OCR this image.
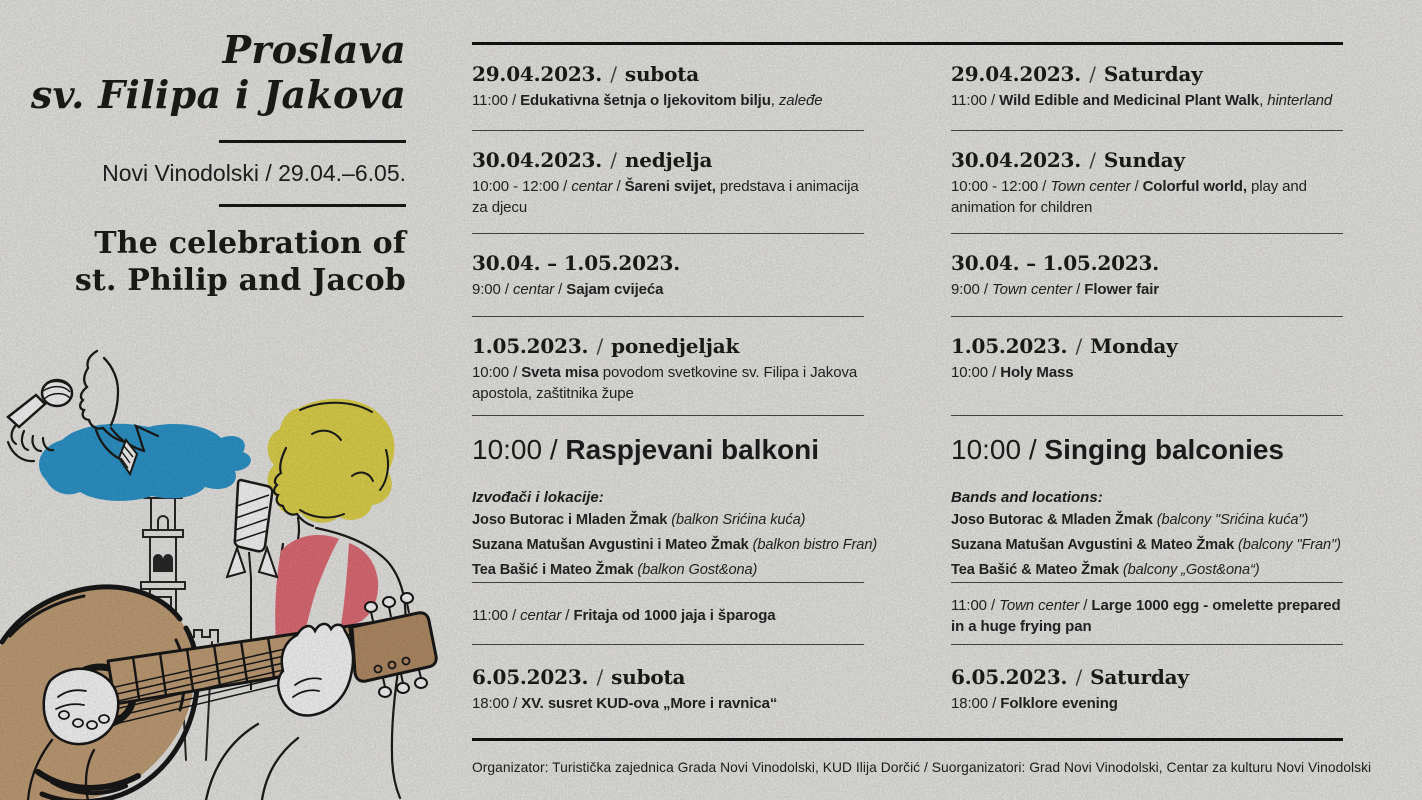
Proslava
sv. Filipa i Jakova
Novi Vinodolski / 29.04.–6.05.
The celebration of
st. Philip and Jacob
29.04.2023. / subota
11:00 / Edukativna šetnja o ljekovitom bilju, zaleđe
30.04.2023. / nedjelja
10:00 - 12:00 / centar / Šareni svijet, predstava i animacija za djecu
30.04. – 1.05.2023.
9:00 / centar / Sajam cvijeća
1.05.2023. / ponedjeljak
10:00 / Sveta misa povodom svetkovine sv. Filipa i Jakova apostola, zaštitnika župe
10:00 / Raspjevani balkoni
Izvođači i lokacije:
Joso Butorac i Mladen Žmak (balkon Srićina kuća)
Suzana Matušan Avgustini i Mateo Žmak (balkon bistro Fran)
Tea Bašić i Mateo Žmak (balkon Gost&ona)
11:00 / centar / Fritaja od 1000 jaja i šparoga
6.05.2023. / subota
18:00 / XV. susret KUD-ova „More i ravnica“
29.04.2023. / Saturday
11:00 / Wild Edible and Medicinal Plant Walk, hinterland
30.04.2023. / Sunday
10:00 - 12:00 / Town center / Colorful world, play and animation for children
30.04. – 1.05.2023.
9:00 / Town center / Flower fair
1.05.2023. / Monday
10:00 / Holy Mass
10:00 / Singing balconies
Bands and locations:
Joso Butorac & Mladen Žmak (balcony "Srićina kuća")
Suzana Matušan Avgustini & Mateo Žmak (balcony "Fran")
Tea Bašić & Mateo Žmak (balcony „Gost&ona“)
11:00 / Town center / Large 1000 egg - omelette prepared in a huge frying pan
6.05.2023. / Saturday
18:00 / Folklore evening
Organizator: Turistička zajednica Grada Novi Vinodolski, KUD Ilija Dorčić / Suorganizatori: Grad Novi Vinodolski, Centar za kulturu Novi Vinodolski
